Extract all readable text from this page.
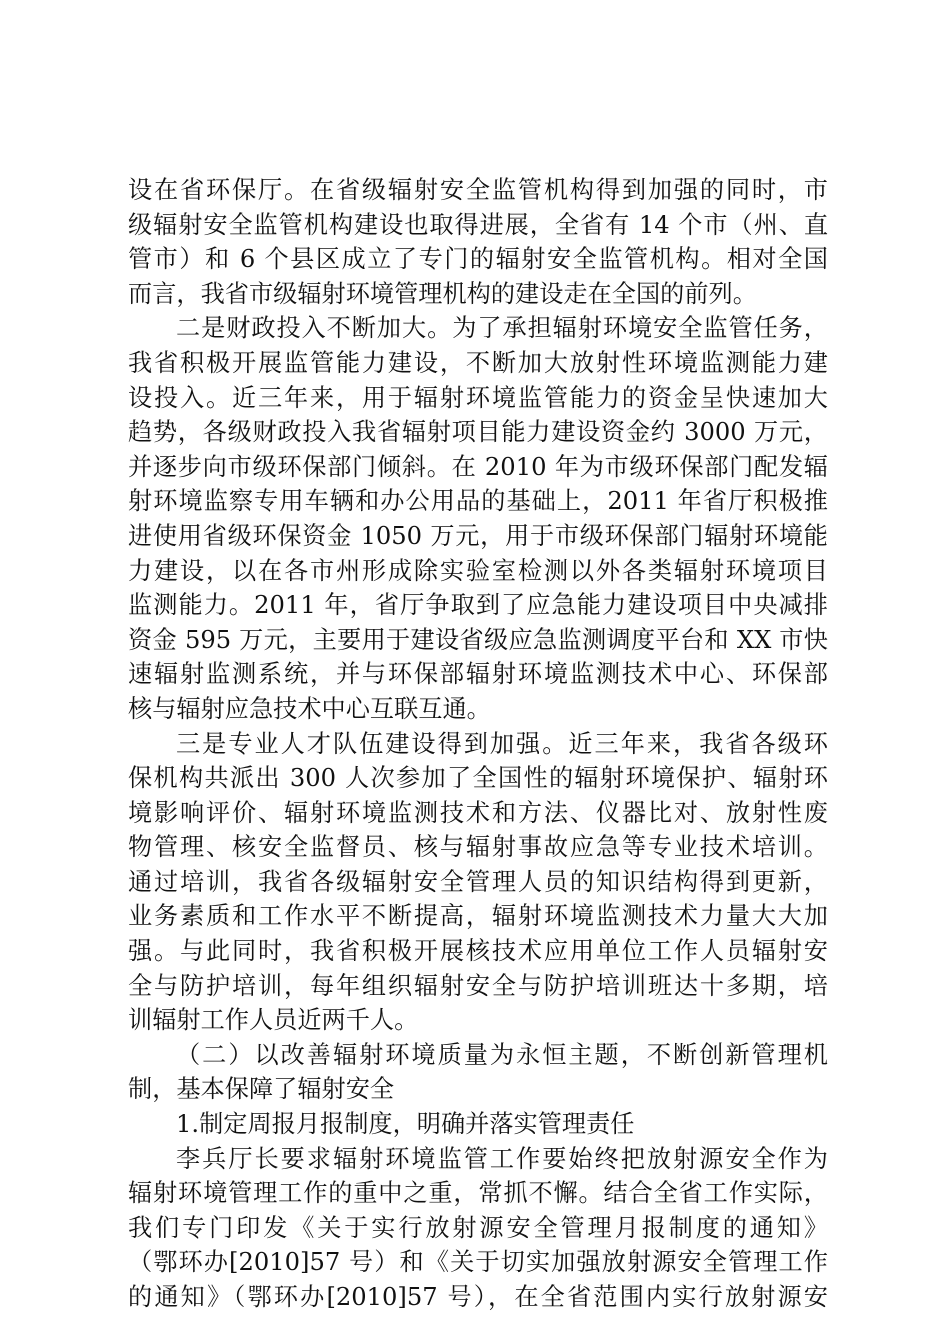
设在省环保厅。在省级辐射安全监管机构得到加强的同时，市
级辐射安全监管机构建设也取得进展，全省有 14 个市（州、直
管市）和 6 个县区成立了专门的辐射安全监管机构。相对全国
而言，我省市级辐射环境管理机构的建设走在全国的前列。
二是财政投入不断加大。为了承担辐射环境安全监管任务，
我省积极开展监管能力建设，不断加大放射性环境监测能力建
设投入。近三年来，用于辐射环境监管能力的资金呈快速加大
趋势，各级财政投入我省辐射项目能力建设资金约 3000 万元，
并逐步向市级环保部门倾斜。在 2010 年为市级环保部门配发辐
射环境监察专用车辆和办公用品的基础上，2011 年省厅积极推
进使用省级环保资金 1050 万元，用于市级环保部门辐射环境能
力建设，以在各市州形成除实验室检测以外各类辐射环境项目
监测能力。2011 年，省厅争取到了应急能力建设项目中央减排
资金 595 万元，主要用于建设省级应急监测调度平台和 XX 市快
速辐射监测系统，并与环保部辐射环境监测技术中心、环保部
核与辐射应急技术中心互联互通。
三是专业人才队伍建设得到加强。近三年来，我省各级环
保机构共派出 300 人次参加了全国性的辐射环境保护、辐射环
境影响评价、辐射环境监测技术和方法、仪器比对、放射性废
物管理、核安全监督员、核与辐射事故应急等专业技术培训。
通过培训，我省各级辐射安全管理人员的知识结构得到更新，
业务素质和工作水平不断提高，辐射环境监测技术力量大大加
强。与此同时，我省积极开展核技术应用单位工作人员辐射安
全与防护培训，每年组织辐射安全与防护培训班达十多期，培
训辐射工作人员近两千人。
（二）以改善辐射环境质量为永恒主题，不断创新管理机
制，基本保障了辐射安全
1.制定周报月报制度，明确并落实管理责任
李兵厅长要求辐射环境监管工作要始终把放射源安全作为
辐射环境管理工作的重中之重，常抓不懈。结合全省工作实际，
我们专门印发《关于实行放射源安全管理月报制度的通知》
（鄂环办[2010]57 号）和《关于切实加强放射源安全管理工作
的通知》（鄂环办[2010]57 号），在全省范围内实行放射源安
